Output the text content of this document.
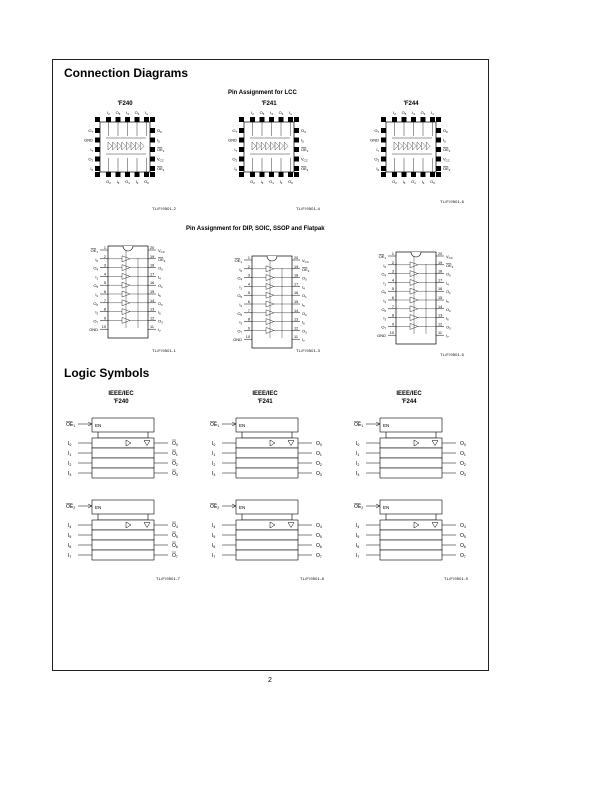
Connection Diagrams
Pin Assignment for LCC
'F240	'F241	'F244
$I_2$
$O_2$
$O_7$	$O_6$
$O_5$
$I_5$
GND	$I_0$
$I_3$
$O_1$
$I_7$	$OE_1$
$O_4$
$I_4$
$O_3$	$V_{CC}$
$I_1$
$O_0$
$I_6$	$OE_2$
$I_2$
$O_2$
$O_7$	$O_4$
$O_5$
$I_5$
GND	$I_0$
$I_3$
$O_1$
$I_7$	$OE_1$
$O_4$
$I_4$
$O_3$	$V_{CC}$
$I_1$
$O_0$
$I_6$	$OE_2$
$I_2$
$O_2$
$O_7$	$O_6$
$O_5$
$I_5$
GND	$I_0$
$I_3$
$O_1$
$I_7$	$OE_1$
$O_4$
$I_4$
$O_3$	$V_{CC}$
$I_1$
$O_0$
$I_6$	$OE_2$
TL/F/9501-2	TL/F/9501-4
TL/F/9501-6
Pin Assignment for DIP, SOIC, SSOP and Flatpak
1	20
$OE_1$	$V_{CC}$
2	19
$I_0$	$OE_2$
3	18
$O_4$	$O_0$
4	17
$I_1$	$I_4$
5	16
$O_5$	$O_1$
6	15
$I_2$	$I_5$
7	14
$O_6$	$O_2$
8	13
$I_3$	$I_6$
9	12
$O_7$	$O_3$
10	11
GND	$I_7$
1	20
$OE_1$	$V_{CC}$
2	19
$I_0$	$OE_2$
3	18
$O_4$	$O_0$
4	17
$I_1$	$I_4$
5	16
$O_5$	$O_1$
6	15
$I_2$	$I_5$
7	14
$O_6$	$O_2$
8	13
$I_3$	$I_6$
9	12
$O_7$	$O_3$
10	11
GND	$I_7$
1	20
$OE_1$	$V_{CC}$
2	19
$I_0$	$OE_2$
3	18
$O_4$	$O_0$
4	17
$I_1$	$I_4$
5	16
$O_5$	$O_1$
6	15
$I_2$	$I_5$
7	14
$O_6$	$O_2$
8	13
$I_3$	$I_6$
9	12
$O_7$	$O_3$
10	11
GND	$I_7$
TL/F/9501-1	TL/F/9501-3
TL/F/9501-5
Logic Symbols
IEEE/IEC
'F240
IEEE/IEC
'F241
IEEE/IEC
'F244
EN
$OE_1$
$I_0$	$O_0$
$I_1$	$O_1$
$I_2$	$O_2$
$I_3$	$O_3$
EN
$OE_2$
$I_4$	$O_4$
$I_5$	$O_5$
$I_6$	$O_6$
$I_7$	$O_7$
EN
$OE_1$
$I_0$	$O_0$
$I_1$	$O_1$
$I_2$	$O_2$
$I_3$	$O_3$
EN
$OE_2$
$I_4$	$O_4$
$I_5$	$O_5$
$I_6$	$O_6$
$I_7$	$O_7$
EN
$OE_1$
$I_0$	$O_0$
$I_1$	$O_1$
$I_2$	$O_2$
$I_3$	$O_3$
EN
$OE_2$
$I_4$	$O_4$
$I_5$	$O_5$
$I_6$	$O_6$
$I_7$	$O_7$
TL/F/9501-7	TL/F/9501-8	TL/F/9501-9
2
